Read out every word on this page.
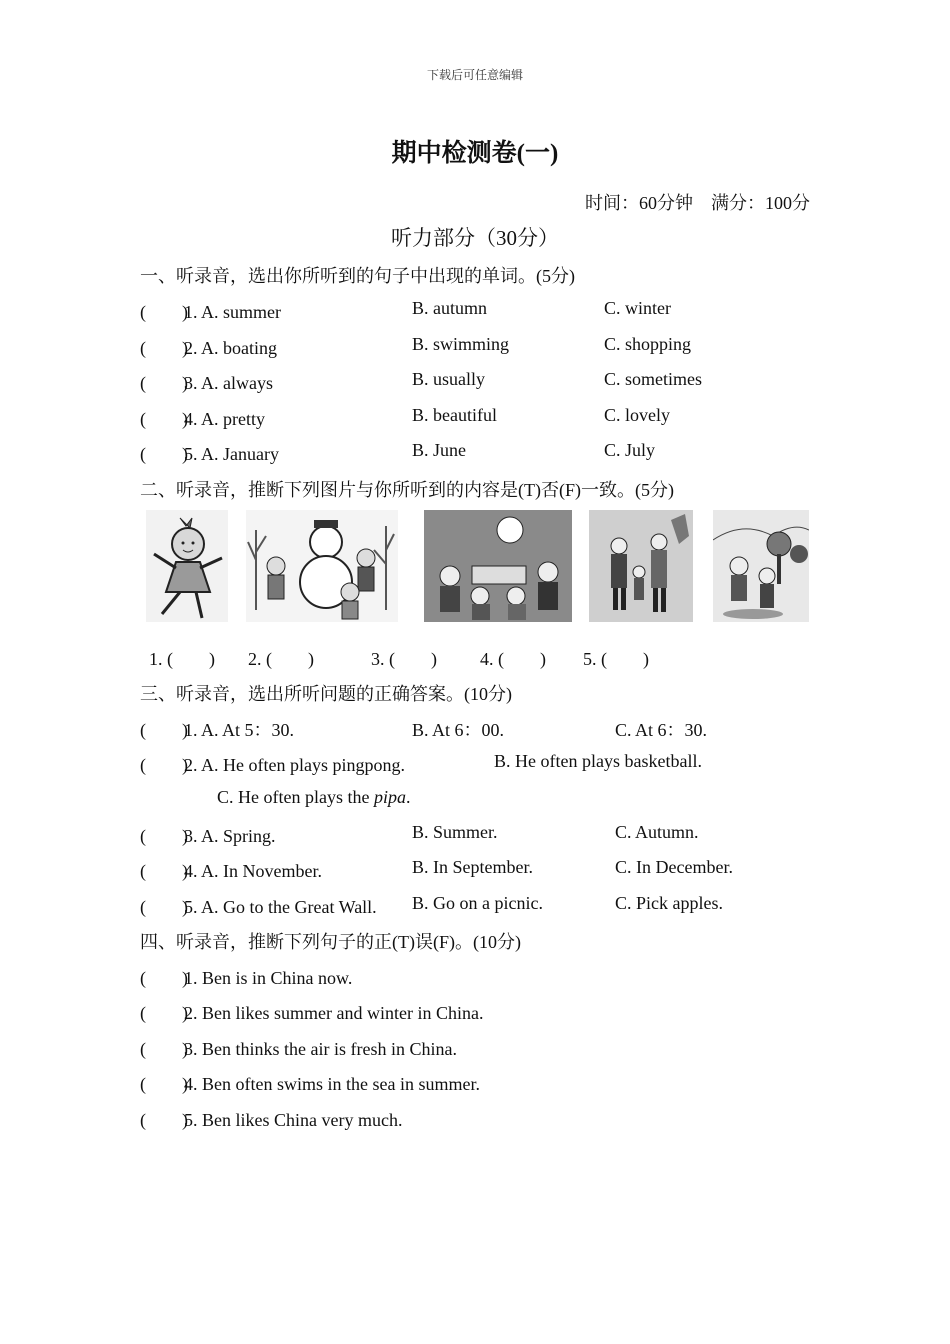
下载后可任意编辑
期中检测卷(一)
时间：60分钟　满分：100分
听力部分（30分）
一、听录音，选出你所听到的句子中出现的单词。(5分)
(　　)1. A. summer	B. autumn	C. winter
(　　)2. A. boating	B. swimming	C. shopping
(　　)3. A. always	B. usually	C. sometimes
(　　)4. A. pretty	B. beautiful	C. lovely
(　　)5. A. January	B. June	C. July
二、听录音，推断下列图片与你所听到的内容是(T)否(F)一致。(5分)
1. (　　) 2. (　　)	3. (　　) 4. (　　) 5. (　　)
三、听录音，选出所听问题的正确答案。(10分)
(　　)1. A. At 5：30.	B. At 6：00.	C. At 6：30.
(　　)2. A. He often plays pingpong.	B. He often plays basketball.
C. He often plays the pipa.
(　　)3. A. Spring.	B. Summer.	C. Autumn.
(　　)4. A. In November.	B. In September.	C. In December.
(　　)5. A. Go to the Great Wall. B. Go on a picnic.	C. Pick apples.
四、听录音，推断下列句子的正(T)误(F)。(10分)
(　　)1. Ben is in China now.
(　　)2. Ben likes summer and winter in China.
(　　)3. Ben thinks the air is fresh in China.
(　　)4. Ben often swims in the sea in summer.
(　　)5. Ben likes China very much.
